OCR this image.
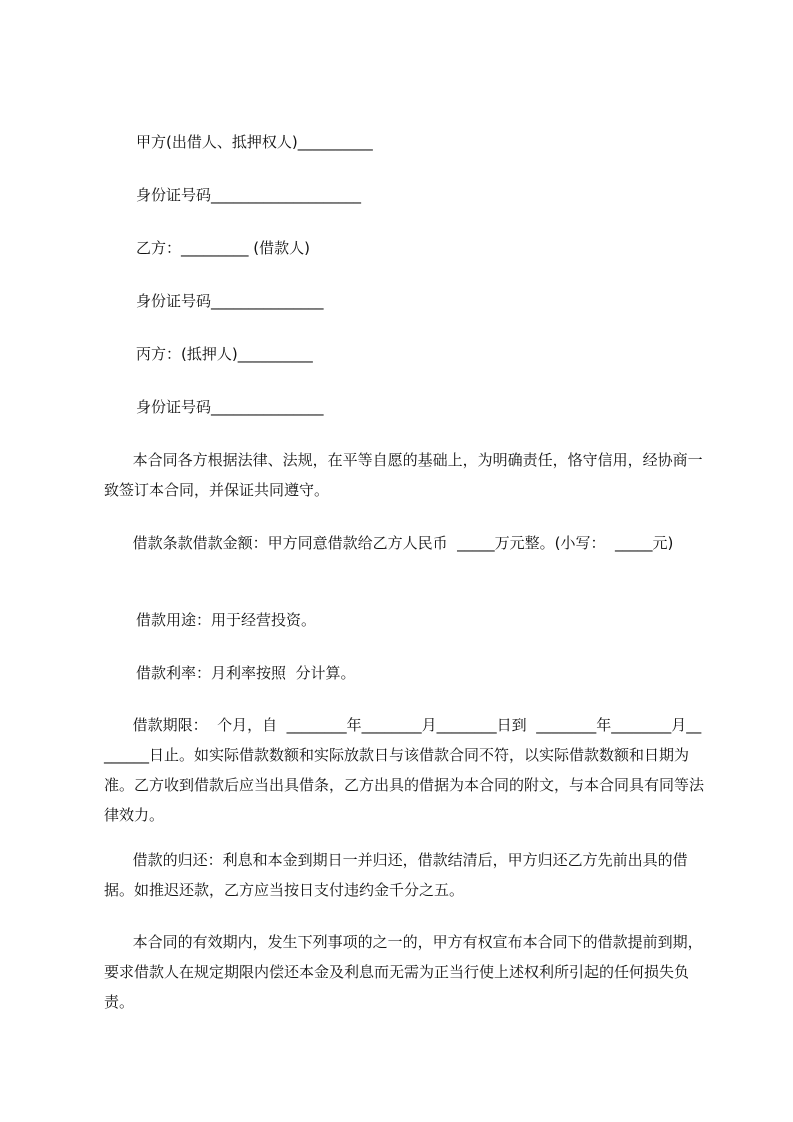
甲方(出借人、抵押权人)__________
身份证号码____________________
乙方：_________ (借款人)
身份证号码_______________
丙方：(抵押人)__________
身份证号码_______________
本合同各方根据法律、法规，在平等自愿的基础上，为明确责任，恪守信用，经协商一致签订本合同，并保证共同遵守。
借款条款借款金额：甲方同意借款给乙方人民币  _____万元整。(小写：  _____元)
借款用途：用于经营投资。
借款利率：月利率按照  分计算。
借款期限：  个月，自  ________年________月________日到  ________年________月________日止。如实际借款数额和实际放款日与该借款合同不符，以实际借款数额和日期为准。乙方收到借款后应当出具借条，乙方出具的借据为本合同的附文，与本合同具有同等法律效力。
借款的归还：利息和本金到期日一并归还，借款结清后，甲方归还乙方先前出具的借据。如推迟还款，乙方应当按日支付违约金千分之五。
本合同的有效期内，发生下列事项的之一的，甲方有权宣布本合同下的借款提前到期，要求借款人在规定期限内偿还本金及利息而无需为正当行使上述权利所引起的任何损失负责。
